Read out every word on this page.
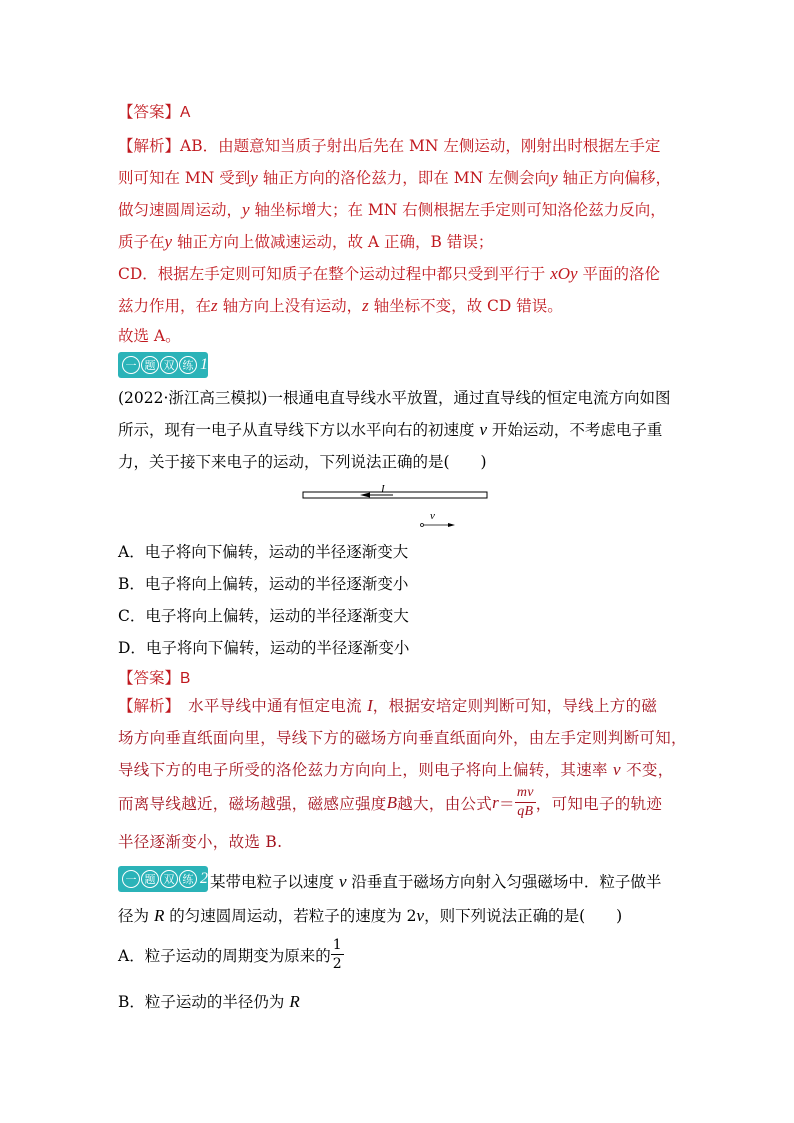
【答案】A
【解析】AB．由题意知当质子射出后先在 MN 左侧运动，刚射出时根据左手定
则可知在 MN 受到y 轴正方向的洛伦兹力，即在 MN 左侧会向y 轴正方向偏移，
做匀速圆周运动，y 轴坐标增大；在 MN 右侧根据左手定则可知洛伦兹力反向，
质子在y 轴正方向上做减速运动，故 A 正确，B 错误；
CD．根据左手定则可知质子在整个运动过程中都只受到平行于 xOy 平面的洛伦
兹力作用，在z 轴方向上没有运动，z 轴坐标不变，故 CD 错误。
故选 A。
一 题 双 练 1
(2022·浙江高三模拟)一根通电直导线水平放置，通过直导线的恒定电流方向如图
所示，现有一电子从直导线下方以水平向右的初速度 v 开始运动，不考虑电子重
力，关于接下来电子的运动，下列说法正确的是(　　)
I
v
A．电子将向下偏转，运动的半径逐渐变大
B．电子将向上偏转，运动的半径逐渐变小
C．电子将向上偏转，运动的半径逐渐变大
D．电子将向下偏转，运动的半径逐渐变小
【答案】B
【解析】　水平导线中通有恒定电流 I，根据安培定则判断可知，导线上方的磁
场方向垂直纸面向里，导线下方的磁场方向垂直纸面向外，由左手定则判断可知，
导线下方的电子所受的洛伦兹力方向向上，则电子将向上偏转，其速率 v 不变，
而离导线越近，磁场越强，磁感应强度 B 越大，由公式 $r = \frac{mv}{qB}$ ，可知电子的轨迹
半径逐渐变小，故选 B.
一 题 双 练 2 某带电粒子以速度 v 沿垂直于磁场方向射入匀强磁场中．粒子做半
径为 R 的匀速圆周运动，若粒子的速度为 2v，则下列说法正确的是(　　)
A．粒子运动的周期变为原来的 $\frac{1}{2}$
B．粒子运动的半径仍为 R
